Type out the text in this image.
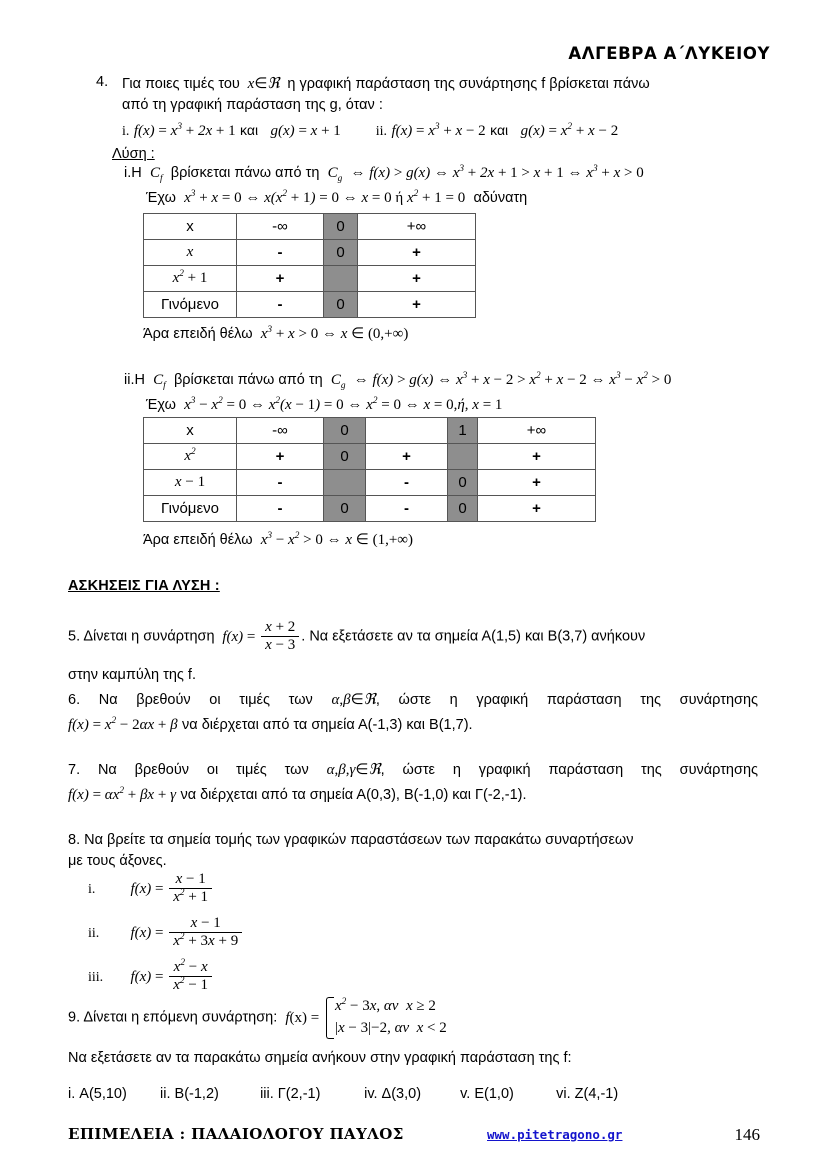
ΑΛΓΕΒΡΑ Α΄ΛΥΚΕΙΟΥ
4. Για ποιες τιμές του  x∈ℜ  η γραφική παράσταση της συνάρτησης f βρίσκεται πάνω
από τη γραφική παράσταση της g, όταν :
i. $f(x) = x^3 + 2x + 1$ και g(x) = x + 1 ii. $f(x) = x^3 + x - 2$ και $g(x) = x^2 + x - 2$
Λύση :
i.Η  $C_f$ βρίσκεται πάνω από τη  $C_g$ ⇔ f(x) > g(x) ⇔ $x^3 + 2x + 1 > x + 1$ ⇔ $x^3 + x > 0$
Έχω  $x^3 + x = 0$ ⇔ $x(x^2 + 1) = 0$ ⇔ x = 0 ή $x^2 + 1 = 0$ αδύνατη
x	-∞	0	+∞
x	-	0	+
$x^2 + 1$	+		+
Γινόμενο	-	0	+
Άρα επειδή θέλω  $x^3 + x > 0$ ⇔ x ∈ (0,+∞)
ii.Η  $C_f$ βρίσκεται πάνω από τη  $C_g$ ⇔ f(x) > g(x) ⇔ $x^3 + x - 2 > x^2 + x - 2$ ⇔ $x^3 - x^2 > 0$
Έχω  $x^3 - x^2 = 0$ ⇔ $x^2(x - 1) = 0$ ⇔ $x^2 = 0$ ⇔ x = 0,ή, x = 1
x	-∞	0		1	+∞
$x^2$	+	0	+		+
x − 1	-		-	0	+
Γινόμενο	-	0	-	0	+
Άρα επειδή θέλω  $x^3 - x^2 > 0$ ⇔ x ∈ (1,+∞)
ΑΣΚΗΣΕΙΣ ΓΙΑ ΛΥΣΗ :
5. Δίνεται η συνάρτηση  $f(x) = \frac{x + 2}{x - 3}$ . Να εξετάσετε αν τα σημεία Α(1,5) και Β(3,7) ανήκουν
στην καμπύλη της f.
6. Να βρεθούν οι τιμές των α,β∈ℜ, ώστε η γραφική παράσταση της συνάρτησης
$f(x) = x^2 - 2\alpha x + \beta$ να διέρχεται από τα σημεία Α(-1,3) και Β(1,7).
7. Να βρεθούν οι τιμές των α,β,γ∈ℜ, ώστε η γραφική παράσταση της συνάρτησης
$f(x) = \alpha x^2 + \beta x + \gamma$ να διέρχεται από τα σημεία Α(0,3), Β(-1,0) και Γ(-2,-1).
8. Να βρείτε τα σημεία τομής των γραφικών παραστάσεων των παρακάτω συναρτήσεων
με τους άξονες.
i. $f(x) = \frac{x - 1}{x^2 + 1}$
ii. $f(x) = \frac{x - 1}{x^2 + 3x + 9}$
iii. $f(x) = \frac{x^2 - x}{x^2 - 1}$
9. Δίνεται η επόμενη συνάρτηση: f(x) =
$x^2 - 3x$, αν  x ≥ 2
|x − 3|−2, αν  x < 2
Να εξετάσετε αν τα παρακάτω σημεία ανήκουν στην γραφική παράσταση της f:
i. Α(5,10) ii. Β(-1,2)	iii. Γ(2,-1)	iv. Δ(3,0)	v. Ε(1,0)	vi. Ζ(4,-1)
ΕΠΙΜΕΛΕΙΑ : ΠΑΛΑΙΟΛΟΓΟΥ ΠΑΥΛΟΣ	www.pitetragono.gr	146
